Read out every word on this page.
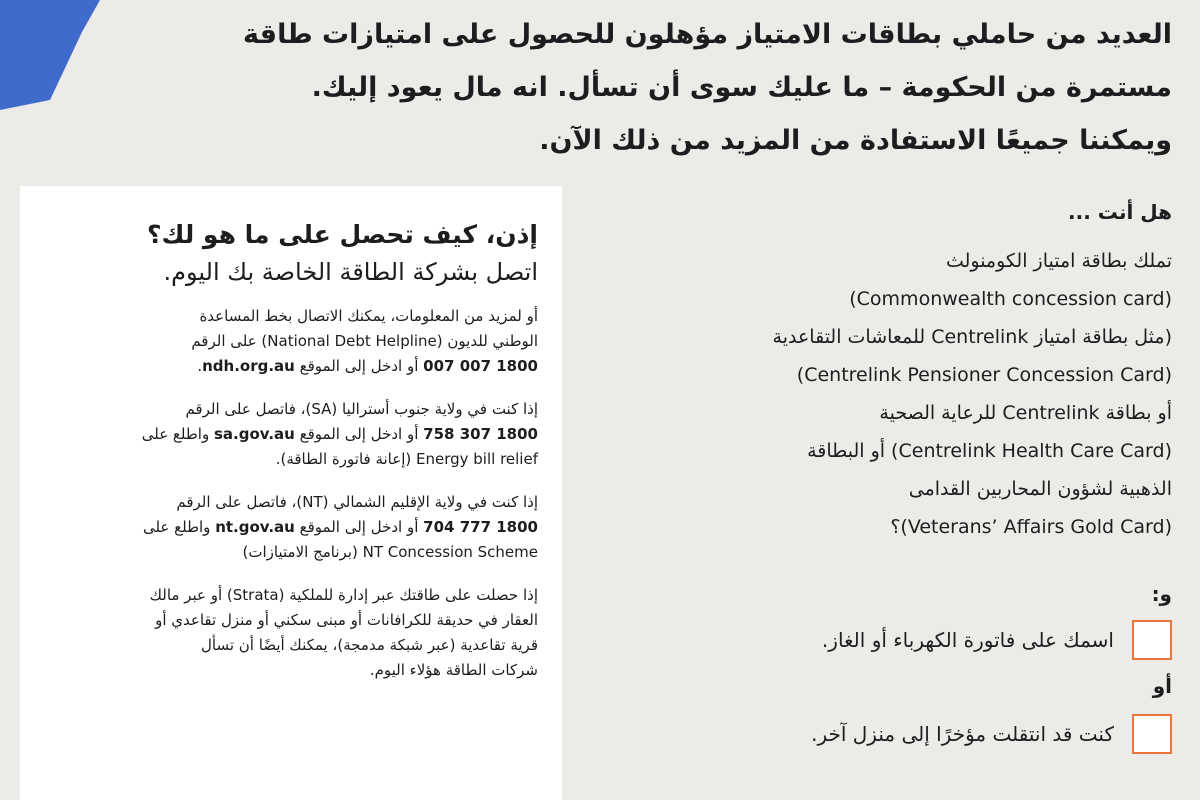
العديد من حاملي بطاقات الامتياز مؤهلون للحصول على امتيازات طاقة
مستمرة من الحكومة – ما عليك سوى أن تسأل. انه مال يعود إليك.
ويمكننا جميعًا الاستفادة من المزيد من ذلك الآن.
إذن، كيف تحصل على ما هو لك؟
اتصل بشركة الطاقة الخاصة بك اليوم.
أو لمزيد من المعلومات، يمكنك الاتصال بخط المساعدة
الوطني للديون (National Debt Helpline) على الرقم
1800 007 007 أو ادخل إلى الموقع ndh.org.au.
إذا كنت في ولاية جنوب أستراليا (SA)، فاتصل على الرقم
1800 307 758 أو ادخل إلى الموقع sa.gov.au واطلع على
Energy bill relief (إعانة فاتورة الطاقة).
إذا كنت في ولاية الإقليم الشمالي (NT)، فاتصل على الرقم
1800 777 704 أو ادخل إلى الموقع nt.gov.au واطلع على
NT Concession Scheme (برنامج الامتيازات)
إذا حصلت على طاقتك عبر إدارة للملكية (Strata) أو عبر مالك
العقار في حديقة للكرافانات أو مبنى سكني أو منزل تقاعدي أو
قرية تقاعدية (عبر شبكة مدمجة)، يمكنك أيضًا أن تسأل
شركات الطاقة هؤلاء اليوم.
هل أنت ...
تملك بطاقة امتياز الكومنولث
(Commonwealth concession card)
(مثل بطاقة امتياز Centrelink للمعاشات التقاعدية
(Centrelink Pensioner Concession Card)
أو بطاقة Centrelink للرعاية الصحية
(Centrelink Health Care Card) أو البطاقة
الذهبية لشؤون المحاربين القدامى
(Veterans’ Affairs Gold Card)؟
و:
اسمك على فاتورة الكهرباء أو الغاز.
أو
كنت قد انتقلت مؤخرًا إلى منزل آخر.
